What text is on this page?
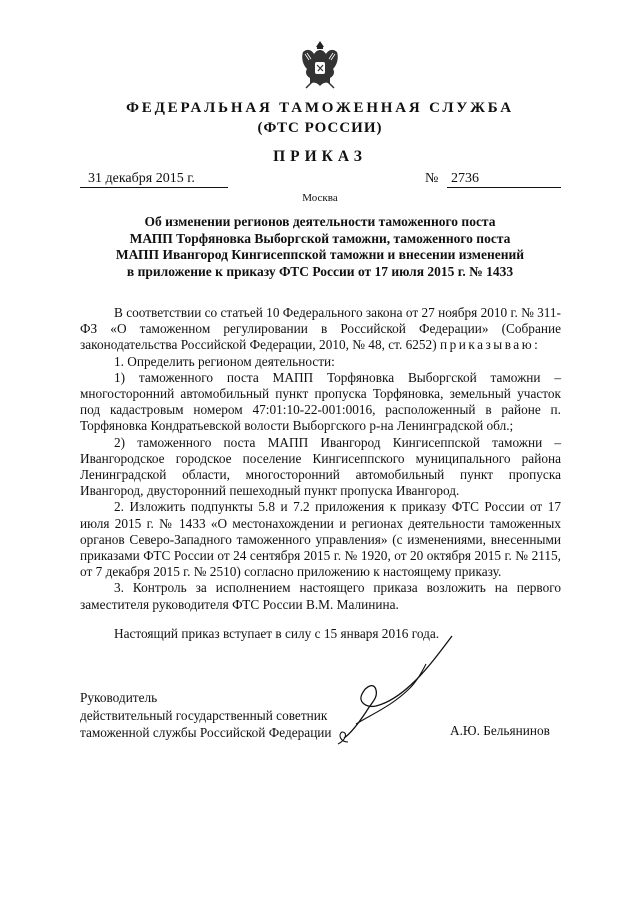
ФЕДЕРАЛЬНАЯ ТАМОЖЕННАЯ СЛУЖБА
(ФТС РОССИИ)
ПРИКАЗ
31 декабря 2015 г.	№ 2736
Москва
Об изменении регионов деятельности таможенного поста
МАПП Торфяновка Выборгской таможни, таможенного поста
МАПП Ивангород Кингисеппской таможни и внесении изменений
в приложение к приказу ФТС России от 17 июля 2015 г. № 1433

В соответствии со статьей 10 Федерального закона от 27 ноября 2010 г. № 311-ФЗ «О таможенном регулировании в Российской Федерации» (Собрание законодательства Российской Федерации, 2010, № 48, ст. 6252) приказываю:

1. Определить регионом деятельности:

1) таможенного поста МАПП Торфяновка Выборгской таможни – многосторонний автомобильный пункт пропуска Торфяновка, земельный участок под кадастровым номером 47:01:10-22-001:0016, расположенный в районе п. Торфяновка Кондратьевской волости Выборгского р-на Ленинградской обл.;

2) таможенного поста МАПП Ивангород Кингисеппской таможни – Ивангородское городское поселение Кингисеппского муниципального района Ленинградской области, многосторонний автомобильный пункт пропуска Ивангород, двусторонний пешеходный пункт пропуска Ивангород.

2. Изложить подпункты 5.8 и 7.2 приложения к приказу ФТС России от 17 июля 2015 г. № 1433 «О местонахождении и регионах деятельности таможенных органов Северо-Западного таможенного управления» (с изменениями, внесенными приказами ФТС России от 24 сентября 2015 г. № 1920, от 20 октября 2015 г. № 2115, от 7 декабря 2015 г. № 2510) согласно приложению к настоящему приказу.

3. Контроль за исполнением настоящего приказа возложить на первого заместителя руководителя ФТС России В.М. Малинина.

Настоящий приказ вступает в силу с 15 января 2016 года.
Руководитель
действительный государственный советник
таможенной службы Российской Федерации	А.Ю. Бельянинов
